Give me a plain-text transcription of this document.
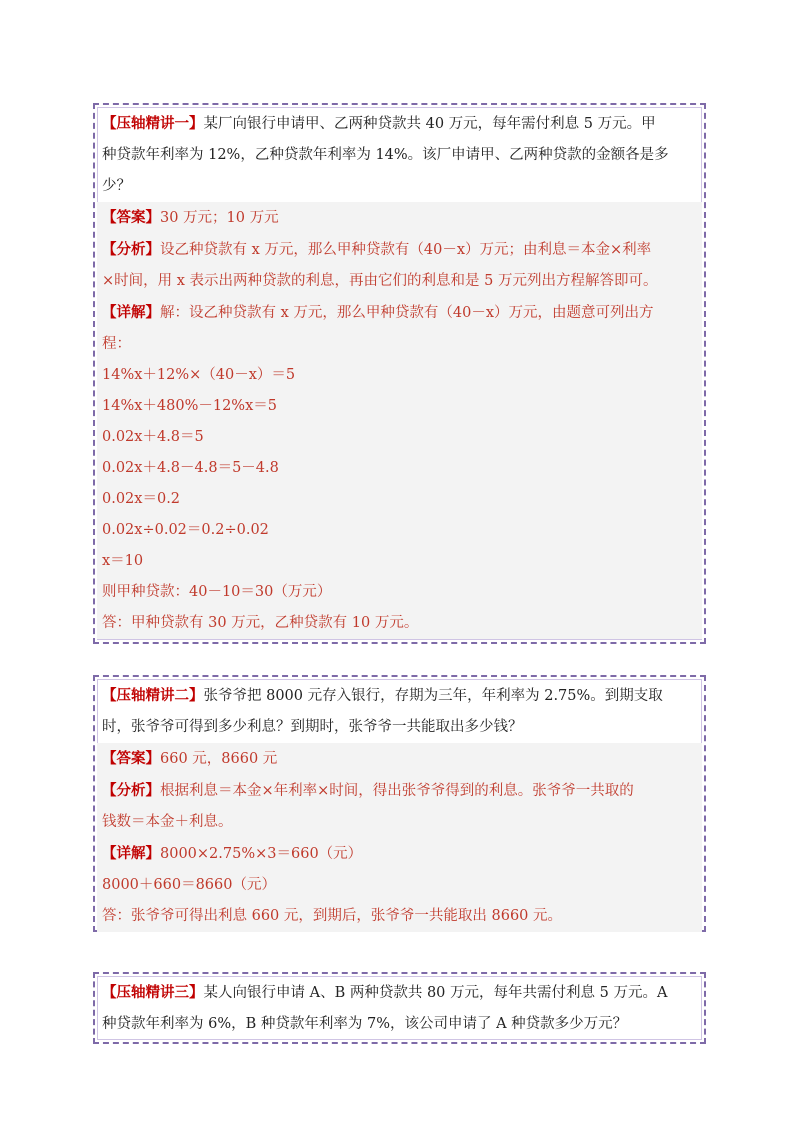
【压轴精讲一】某厂向银行申请甲、乙两种贷款共 40 万元，每年需付利息 5 万元。甲
种贷款年利率为 12%，乙种贷款年利率为 14%。该厂申请甲、乙两种贷款的金额各是多
少？
【答案】30 万元；10 万元
【分析】设乙种贷款有 x 万元，那么甲种贷款有（40－x）万元；由利息＝本金×利率
×时间，用 x 表示出两种贷款的利息，再由它们的利息和是 5 万元列出方程解答即可。
【详解】解：设乙种贷款有 x 万元，那么甲种贷款有（40－x）万元，由题意可列出方
程：
14%x＋12%×（40－x）＝5
14%x＋480%－12%x＝5
0.02x＋4.8＝5
0.02x＋4.8－4.8＝5－4.8
0.02x＝0.2
0.02x÷0.02＝0.2÷0.02
x＝10
则甲种贷款：40－10＝30（万元）
答：甲种贷款有 30 万元，乙种贷款有 10 万元。
【压轴精讲二】张爷爷把 8000 元存入银行，存期为三年，年利率为 2.75%。到期支取
时，张爷爷可得到多少利息？到期时，张爷爷一共能取出多少钱？
【答案】660 元，8660 元
【分析】根据利息＝本金×年利率×时间，得出张爷爷得到的利息。张爷爷一共取的
钱数＝本金＋利息。
【详解】8000×2.75%×3＝660（元）
8000＋660＝8660（元）
答：张爷爷可得出利息 660 元，到期后，张爷爷一共能取出 8660 元。
【压轴精讲三】某人向银行申请 A、B 两种贷款共 80 万元，每年共需付利息 5 万元。A
种贷款年利率为 6%，B 种贷款年利率为 7%，该公司申请了 A 种贷款多少万元？
